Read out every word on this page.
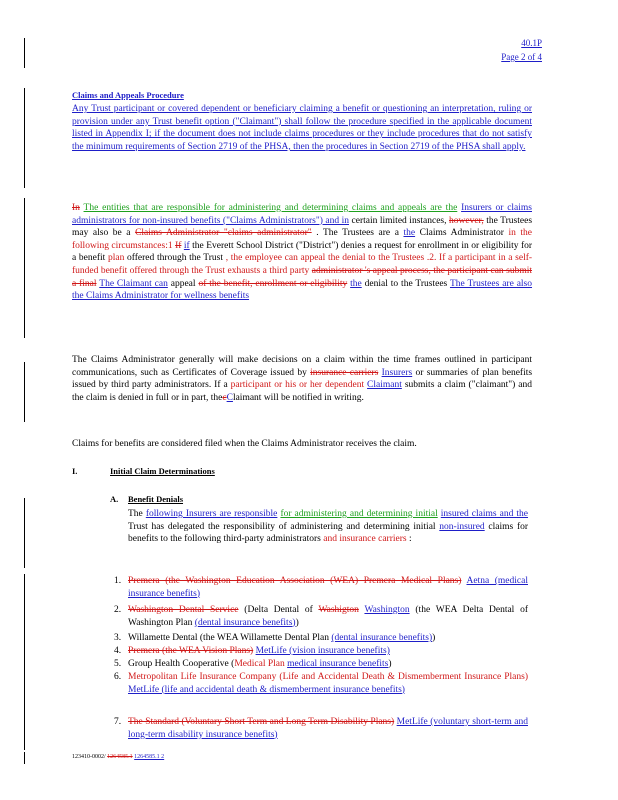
40.1P
Page 2 of 4
Claims and Appeals Procedure
Any Trust participant or covered dependent or beneficiary claiming a benefit or questioning an interpretation, ruling or provision under any Trust benefit option ("Claimant") shall follow the procedure specified in the applicable document listed in Appendix I; if the document does not include claims procedures or they include procedures that do not satisfy the minimum requirements of Section 2719 of the PHSA, then the procedures in Section 2719 of the PHSA shall apply.
In The entities that are responsible for administering and determining claims and appeals are the Insurers or claims administrators for non-insured benefits ("Claims Administrators") and in certain limited instances, however, the Trustees may also be a Claims Administrator "claims administrator" . The Trustees are a the Claims Administrator in the following circumstances:1 If if the Everett School District ("District") denies a request for enrollment in or eligibility for a benefit plan offered through the Trust , the employee can appeal the denial to the Trustees .2. If a participant in a self-funded benefit offered through the Trust exhausts a third party administrator 's appeal process, the participant can submit a final The Claimant can appeal of the benefit, enrollment or eligibility the denial to the Trustees The Trustees are also the Claims Administrator for wellness benefits
The Claims Administrator generally will make decisions on a claim within the time frames outlined in participant communications, such as Certificates of Coverage issued by insurance carriers Insurers or summaries of plan benefits issued by third party administrators. If a participant or his or her dependent Claimant submits a claim ("claimant") and the claim is denied in full or in part, thecClaimant will be notified in writing.
Claims for benefits are considered filed when the Claims Administrator receives the claim.
I.	Initial Claim Determinations
A. Benefit Denials
The following Insurers are responsible for administering and determining initial insured claims and the Trust has delegated the responsibility of administering and determining initial non-insured claims for benefits to the following third-party administrators and insurance carriers :
1. Premera (the Washington Education Association (WEA) Premera Medical Plans) Aetna (medical insurance benefits)
2. Washington Dental Service (Delta Dental of Washigton Washington (the WEA Delta Dental of Washington Plan (dental insurance benefits))
3. Willamette Dental (the WEA Willamette Dental Plan (dental insurance benefits))
4. Premera (the WEA Vision Plans) MetLife (vision insurance benefits)
5. Group Health Cooperative (Medical Plan medical insurance benefits)
6. Metropolitan Life Insurance Company (Life and Accidental Death & Dismemberment Insurance Plans) MetLife (life and accidental death & dismemberment insurance benefits)
7. The Standard (Voluntary Short Term and Long Term Disability Plans) MetLife (voluntary short-term and long-term disability insurance benefits)
123410-0002/ 1264585.1 1264585.1 2
